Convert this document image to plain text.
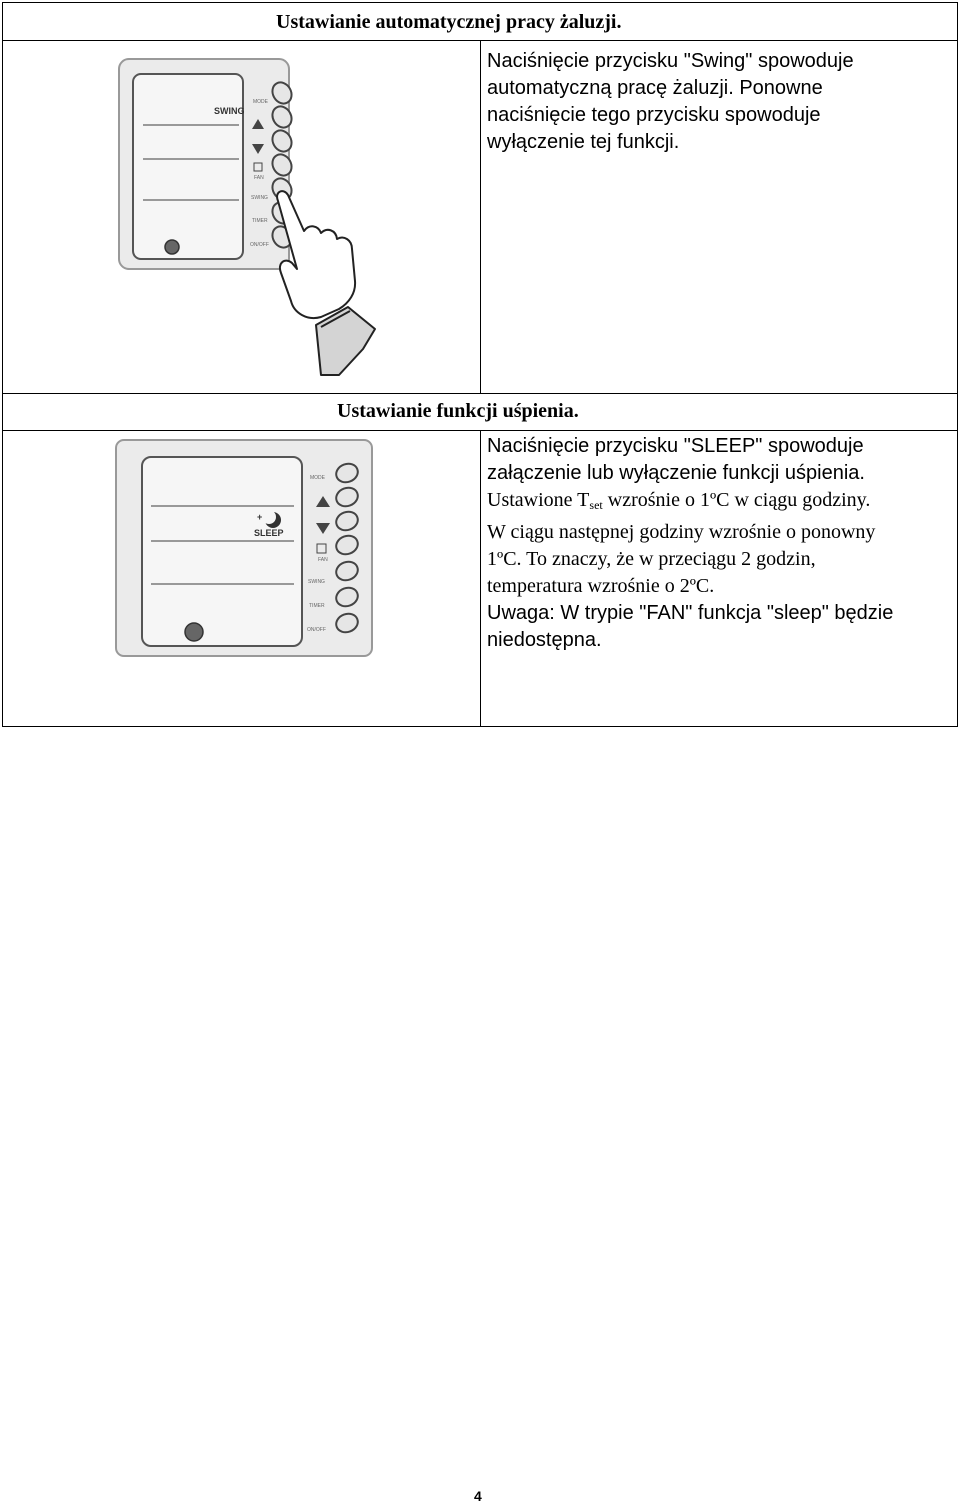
Ustawianie automatycznej pracy żaluzji.
SWING
MODE
FAN
SWING
TIMER
ON/OFF
Naciśnięcie przycisku "Swing" spowoduje
automatyczną pracę żaluzji. Ponowne
naciśnięcie tego przycisku spowoduje
wyłączenie tej funkcji.
Ustawianie funkcji uśpienia.
+
SLEEP
MODE
FAN
SWING
TIMER
ON/OFF
Naciśnięcie przycisku "SLEEP" spowoduje
załączenie lub wyłączenie funkcji uśpienia.
Ustawione $T_{set}$ wzrośnie o 1ºC w ciągu godziny.
W ciągu następnej godziny wzrośnie o ponowny
1ºC. To znaczy, że w przeciągu 2 godzin,
temperatura wzrośnie o 2ºC.
Uwaga: W trypie "FAN" funkcja "sleep" będzie
niedostępna.
4
